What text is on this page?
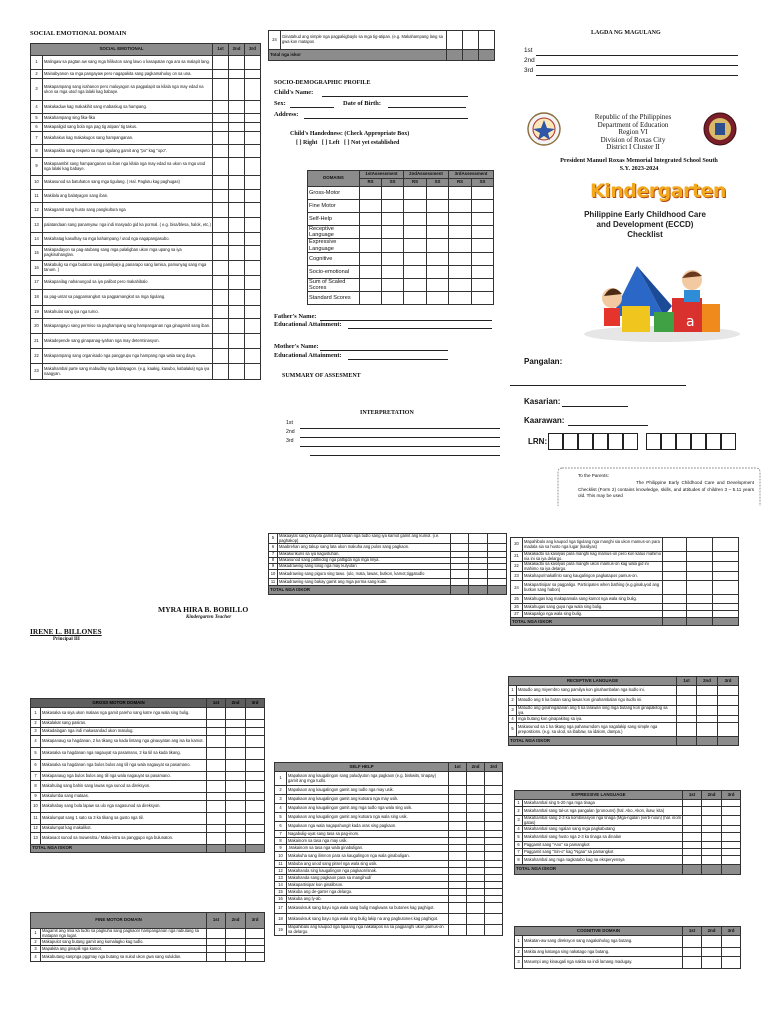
SOCIAL EMOTIONAL DOMAIN
SOCIAL EMOTIONAL		1st	2nd	3rd
1	Malingaw sa pagtan aw sang mga hilikuton sang lawo o kasapatan nga ara sa malapit lang.			
2	Mainabyanon sa mga pangayaw pero nagapakita sang pagkamahuluy on sa una.			
3	Makapampang sang isahanon pero maluyagon sa pagpalapit sa kilala nga may edad na ukon sa mga utod nga lalaki kag babaye.			
4	Makakaduw kag makakihit sang mabaskug sa hampang.			
5	Makahampang sing fika-fika			
6	Makapaligid sang bola nga pag tig atipan/ tig takus.			
7	Makahakus kag makakugos sang hampanganan.			
8	Makapakita sang respeto sa mga tigulang gamit ang "po" kag "opo".			
9	Makapaambit sang hampanganan sa iban nga kilala nga may edad na ukon sa mga utod nga lalaki kag babaye.			
10	Makasunod sa batuhaton sang mga tigulang. ( Hal. Paglutu kag paghugas)			
11	Makilala ang balatyagon sang iban.			
12	Makagamit sang husto sang pangkultura nga			
13	palatandaan sang panamyaw. nga indi masyado gid ka pormal. ( e.g. bisa/blesa, halok, etc.)			
14	Makahatag kasulhay sa mga kahampang / utod nga nagapangasubo.			
15	Makapadayon sa pag-atubang sang mga palaligban ukon mga upang sa iya pagkinahanglan.			
16	Makabulig sa mga butaton sang pamilya(e.g.panarapo sang lamisa, pamunyag sang mga tanum. )			
17	Makapanilag nahanungod sa iya palibot pero makahibalo			
18	sa pag-untat sa pagpamangkot sa pagpamangkot sa mga tigulang.			
19	Makahulat sang iya nga turno.			
20	Makapangayo sang permiso sa paghampang sang hampanganan nga ginagamit sang iban.			
21	Makadepende sang ginapanag-iyahan nga may determinasyon.			
22	Makapampang sang organisado nga panggrupo nga hampang nga wala sang daya.			
23	Makahambal parte sang mabudlay nga balatyagon. (e.g. kaakig, kasubo, kabalaka) nga iya naagyan.			
24	Ginatahud ang simple nga pagpakigbaylo sa mga tig-atipan. (e.g. Makahampang lang sa gwa kon matapos			
Total nga iskor				
SOCIO-DEMOGRAPHIC PROFILE
Child's Name:
Sex:	Date of Birth:
Address:
Child's Handedness: (Check Appropriate Box)
[ ] Right   [ ] Left   [ ] Not yet established
DOMAINS	1stAssessment		2ndAssessment		3rdAssessment	
	RS	SS	RS	SS	RS	SS
Gross-Motor						
Fine Motor						
Self-Help						
Receptive Language						
Expressive Language						
Cognitive						
Socio-emotional						
Sum of Scaled Scores						
Standard Scores						
Father's Name:
Educational Attainment:
Mother's Name:
Educational Attainment:
SUMMARY OF ASSESMENT
INTERPRETATION
1st
2nd
3rd
LAGDA NG MAGULANG
1st
2nd
3rd
Republic of the Philippines
Department of Education
Region VI
Division of Roxas City
District I Cluster II
President Manuel Roxas Memorial Integrated School South
S.Y. 2023-2024
Kindergarten
Philippine Early Childhood Care
and Development (ECCD)
Checklist
a
Pangalan:
Kasarian:
Kaarawan:
LRN:
To the Parents:

The Philippine Early Childhood Care and Development Checklist (Form 2) contains knowledge, skills, and attitudes of children 3 – 5.11 years old. This may be used
5	Makaaylat sang krayola gamit ang tanan nga tudlo sang iya kamot gamit ang kumol. (i.e. paghakop)			
6	Maabrehan ang takup sang lata ukon makuha ang pulos sang pagkaon.			
7	Makakurikuris sa iya kagustuhan.			
8	Makasunod sang pattindog nga pattigda nga mga linya.			
9	Makadrawing sang tolog nga may kulyutan			
10	Makadrawing sang pigura sing tawo. (ulo, mata, lawas, butkon, kamot,tiggatudlo			
11	Makadrawing sang bakay gamit ang mga porma sang kutte.			
TOTAL NGA ISKOR				
MYRA HIRA B. BOBILLO
Kindergarten Teacher
IRENE L. BILLONES
Principal III
20	Mapahibalo ang kaupod nga tigulang nga manghi sia ukon mamus-on para madala sia sa husto nga lugar (kasilyas)			
21	Makakadto sa kasilyas para manghi kag mamus-on pero kon kaluo mahimo nia ini sa iya delargo.			
22	Makakadto sa kasilyas para manghi ukon mamus-on kag wala gid ini mahimo sa iya delargo.			
23	Makahapo/makafinlo sang kaugalingon pagkatapos pamus-on.			
24	Makapartisipar sa pagpaligo. Participates when bathing (e.g.ginaluyod ang butkon sang habon)			
25	Makahugas kag makapamala sang kamot nga wala sing bulig.			
26	Makahugas sang guya nga wala sing bulig.			
27	Makapaligo nga wala sing bulig.			
TOTAL NGA ISKOR				
GROSS MOTOR DOMAIN		1st	2nd	3rd
1	Makasaka sa siya ukon malaas nga gamit pareho sang katre nga wala sing bulig.			
2	Makalakat sang pasiras.			
3	Makadalagan nga indi makasandad ukon matulog.			
4	Makapanaug sa hagdanan, 2 ka tikang sa kada lintang nga ginauyatan ang isa ka kamot.			
5	Makasaka sa hagdanan nga nagauyat sa pasamano, 2 ka tiil sa kada tikang.			
6	Makasaka sa hagdanan nga bulos bulos ang tiil nga wala nagauyat sa pasamano.			
7	Makapanaug nga bulos bulos ang tiil nga wala nagauyat sa pasamano.			
8	Makahulag sang bahin sang lawas nga sunod sa direksyon.			
9	Makalumba sang mataas.			
10	Makahabay sang bola lapaw sa ulo nga nagasunod sa direksyon.			
11	Makalumpat sang 1 sato sa 3 ka tikang sa gusto nga tiil.			
12	Makalumpat kag makalikot.			
13	Makasaot sunod sa muwesitra./ Maka-intra sa panggupo nga bulunaton.			
TOTAL NGA ISKOR				
FINE MOTOR DOMAIN		1st	2nd	3rd
1	Magamit ang lima ka tudlo sa pagkuha sang pagkaon/ hampanganan nga nabutang sa matapan nga lugar.			
2	Makapulot sang butang gamit ang kumalagko kag tudlo.			
3	Mapakita ang ginapili nga kamot.			
4	Makabutang sanpnga pggmay nga butang sa sulod ukon gwa sang sululdan.			
SELF HELP		1st	2nd	3rd
1	Mapakaon ang kaugalingon sang paludyuton nga pagkaon (e.g. biskwits, tinapay) gamit ang mga tudlo.			
2	Mapakaon ang kaugalingon gamit ang tudlo nga may usik.			
3	Mapakaon ang kaugalingon gamit ang kutsara nga may usik.			
4	Mapakaon ang kaugalingon gamit ang mga tudlo nga wala sing usik.			
5	Mapakaon ang kaugalingon gamit ang kutsara nga wala sing usik.			
6	Mapakaon nga wala nagapahungit kada oras sing pagkaon.			
7	Nagabulig-uyat sang tasa sa pag-inom.			
8	Makainom sa tasa nga may usik.			
9	.Makainom sa tasa nga wala ginabuligan.			
10	Makakuha sang ilimnon para sa kaugalingon nga wala ginabuligan.			
11	Mabuba ang unod sang pitsel nga wala sing usik.			
12	Makahanda sing kaugalingon nga pagkaon/snak.			
13	Makahanda sang pagkaon para sa mangihud/			
14	Makapartisipar kon ginalibson.			
15	Makuba ang de-garter nga delargo.			
16	Makuba ang ly-ab.			
17	Makasuksuk sang bayu nga wala sang bulig magluwas sa butones kag paghigot.			
18	Makasuksuk sang bayu nga wala sing bulig lakip na ang pagbutones kag paghigot.			
19	Mapahibalo ang kaupod nga tigulang nga nakalapos na sa pagpanghi ukon pamus-on sa delargo.			
RECEPTIVE LANGUAGE		1st	2nd	3rd
1	Matudlo ang miyembro sang pamilya kon ginahambalan nga itudlo ini.			
2	Matudlo ang 5 ka butan sang lawas kon ginahambalan ngo itudlo ini.			
3	Matudlo ang ginahngalanan ang 5 ka larawan sing mga butang kon ginapakitog sa iya.			
4	mga butang kon ginapakitog sa iya.			
5	Makasunod sa 1 ka tikang nga pahanumdom nga nagalakip sang simple nga prepositions. (e.g. sa ulod, sa ibabaw, sa idalom, dampa.)			
TOTAL NGA ISKOR				
EXPRESSIVE LANGUAGE		1st	2nd	3rd
1	Makahambal sing 5-20 nga mga tinaga			
2	Makahambal sang tal-us nga pangalan (pronouns) (hal. Ako, Akon, ikaw, kita)			
3	Makahambal sang 2-3 ka kombinasyon nga tinaga (Mga-ngalan (verb-noun) (hal. inom gatas)			
4	Makahambal sang ngalan sang mga pagkabutang			
5	Makahambal sang husto nga 2-3 ka tinaga sa dinalan			
6	Paggamit sang "Ano" sa pamangkot			
7	Paggamit sang "Sin-o" kag "Ngaa" sa pamangkot			
8	Makahambal ang mga nagkatabo kag na eksperyensya			
TOTAL NGA ISKOR				
COGNITIVE DOMAIN		1st	2nd	3rd
1	Makatan-aw sang direksyon sang nagakahulog nga butang.			
2	Makita ang katunga sing nakatago nga butang.			
3	Masumpi ang kinaugali nga nakita sa indi lamang madugay.			
